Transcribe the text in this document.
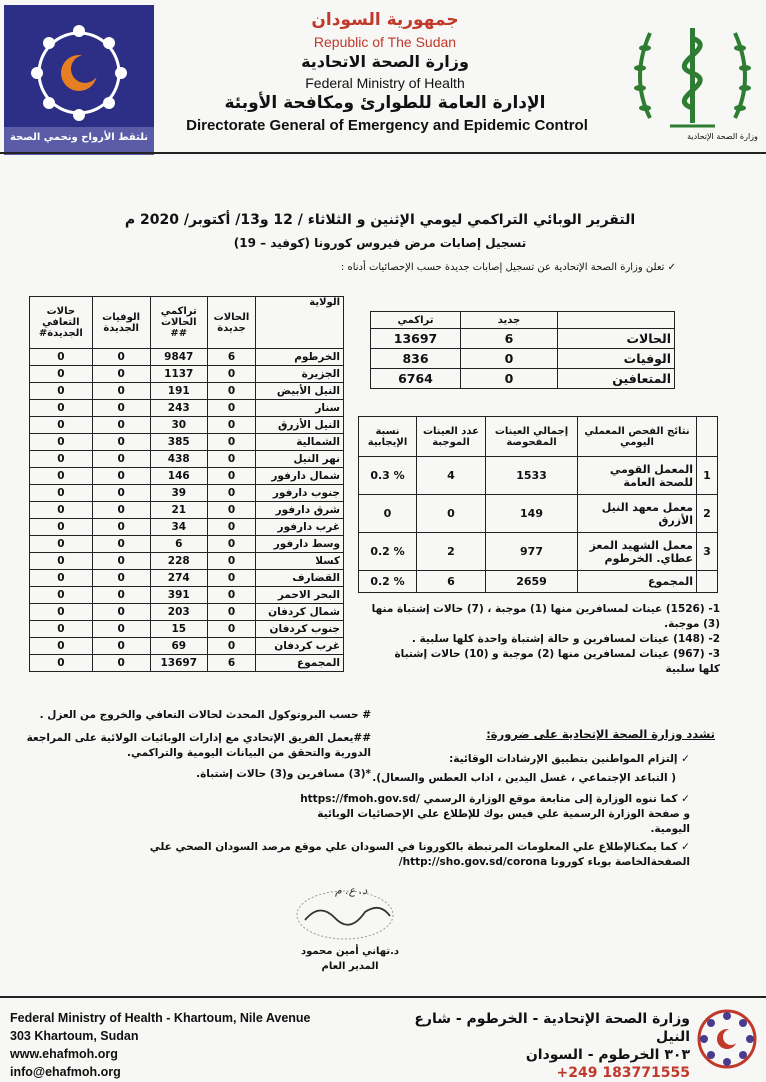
نلتقط الأرواح ونحمي الصحة
جمهورية السودان
Republic of The Sudan
وزارة الصحة الاتحادية
Federal Ministry of Health
الإدارة العامة للطوارئ ومكافحة الأوبئة
Directorate General of Emergency and Epidemic Control
وزارة الصحة الإتحادية
التقرير الوبائي التراكمي ليومي الإثنين و الثلاثاء / 12 و13/ أكتوبر/ 2020 م
تسجيل إصابات مرض فيروس كورونا (كوفيد – 19)
✓ تعلن وزارة الصحة الإتحادية عن تسجيل إصابات جديدة حسب الإحصائيات أدناه :
الولاية	الحالات جديدة	تراكمي الحالات ##	الوفيات الجديدة	حالات التعافي الجديدة#
الخرطوم	6	9847	0	0
الجزيرة	0	1137	0	0
النيل الأبيض	0	191	0	0
سنار	0	243	0	0
النيل الأزرق	0	30	0	0
الشمالية	0	385	0	0
نهر النيل	0	438	0	0
شمال دارفور	0	146	0	0
جنوب دارفور	0	39	0	0
شرق دارفور	0	21	0	0
غرب دارفور	0	34	0	0
وسط دارفور	0	6	0	0
كسلا	0	228	0	0
القضارف	0	274	0	0
البحر الاحمر	0	391	0	0
شمال كردفان	0	203	0	0
جنوب كردفان	0	15	0	0
غرب كردفان	0	69	0	0
المجموع	6	13697	0	0
# حسب البروتوكول المحدث لحالات التعافي والخروج من العزل .
##يعمل الفريق الإتحادي مع إدارات الوبائيات الولائية على المراجعة الدورية والتحقق من البيانات اليومية والتراكمي.
*(3) مسافرين و(3) حالات إشتباة.
	جديد	تراكمي
الحالات	6	13697
الوفيات	0	836
المتعافين	0	6764
	نتائج الفحص المعملي اليومي	إجمالي العينات المفحوصة	عدد العينات الموجبة	نسبة الإيجابية
1	المعمل القومي للصحة العامة	1533	4	% 0.3
2	معمل معهد النيل الأزرق	149	0	0
3	معمل الشهيد المعز عطاي. الخرطوم	977	2	% 0.2
	المجموع	2659	6	% 0.2
1- (1526) عينات لمسافرين منها (1) موجبة ، (7) حالات إشتباة منها (3) موجبة.
2- (148) عينات لمسافرين و حالة إشتباة واحدة كلها سلبية .
3- (967) عينات لمسافرين منها (2) موجبة و (10) حالات إشتباة كلها سلبية
تشدد وزارة الصحة الإتحادية على ضرورة:
✓ إلتزام المواطنين بتطبيق الإرشادات الوقائية:
( التباعد الإجتماعي ، غسل اليدين ، اداب العطس والسعال).
✓ كما تنوه الوزارة إلى متابعة موقع الوزارة الرسمي /https://fmoh.gov.sd و صفحة الوزارة الرسمية علي فيس بوك للإطلاع علي الإحصائيات الوبائية اليومية.
✓ كما يمكنالإطلاع علي المعلومات المرتبطة بالكورونا في السودان علي موقع مرصد السودان الصحي علي الصفحةالخاصة بوباء كورونا http://sho.gov.sd/corona/
د. ع. م
د.تهاني أمين محمود
المدير العام
Federal Ministry of Health - Khartoum, Nile Avenue
303 Khartoum, Sudan
www.ehafmoh.org
info@ehafmoh.org
وزارة الصحة الإتحادية - الخرطوم - شارع النيل
٣٠٣ الخرطوم - السودان
+249 183771555
